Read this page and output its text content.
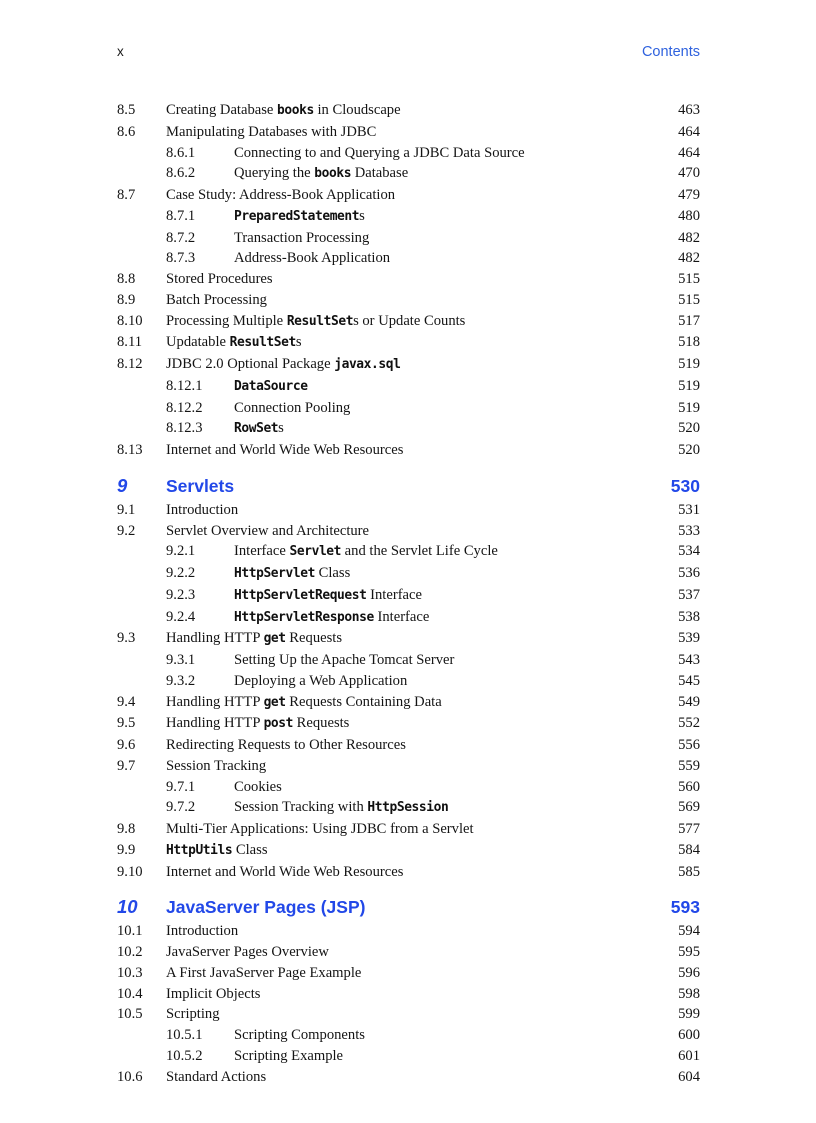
x	Contents
8.5	Creating Database books in Cloudscape	463
8.6	Manipulating Databases with JDBC	464
8.6.1	Connecting to and Querying a JDBC Data Source	464
8.6.2	Querying the books Database	470
8.7	Case Study: Address-Book Application	479
8.7.1	PreparedStatements	480
8.7.2	Transaction Processing	482
8.7.3	Address-Book Application	482
8.8	Stored Procedures	515
8.9	Batch Processing	515
8.10	Processing Multiple ResultSets or Update Counts	517
8.11	Updatable ResultSets	518
8.12	JDBC 2.0 Optional Package javax.sql	519
8.12.1	DataSource	519
8.12.2	Connection Pooling	519
8.12.3	RowSets	520
8.13	Internet and World Wide Web Resources	520
9	Servlets	530
9.1	Introduction	531
9.2	Servlet Overview and Architecture	533
9.2.1	Interface Servlet and the Servlet Life Cycle	534
9.2.2	HttpServlet Class	536
9.2.3	HttpServletRequest Interface	537
9.2.4	HttpServletResponse Interface	538
9.3	Handling HTTP get Requests	539
9.3.1	Setting Up the Apache Tomcat Server	543
9.3.2	Deploying a Web Application	545
9.4	Handling HTTP get Requests Containing Data	549
9.5	Handling HTTP post Requests	552
9.6	Redirecting Requests to Other Resources	556
9.7	Session Tracking	559
9.7.1	Cookies	560
9.7.2	Session Tracking with HttpSession	569
9.8	Multi-Tier Applications: Using JDBC from a Servlet	577
9.9	HttpUtils Class	584
9.10	Internet and World Wide Web Resources	585
10	JavaServer Pages (JSP)	593
10.1	Introduction	594
10.2	JavaServer Pages Overview	595
10.3	A First JavaServer Page Example	596
10.4	Implicit Objects	598
10.5	Scripting	599
10.5.1	Scripting Components	600
10.5.2	Scripting Example	601
10.6	Standard Actions	604
